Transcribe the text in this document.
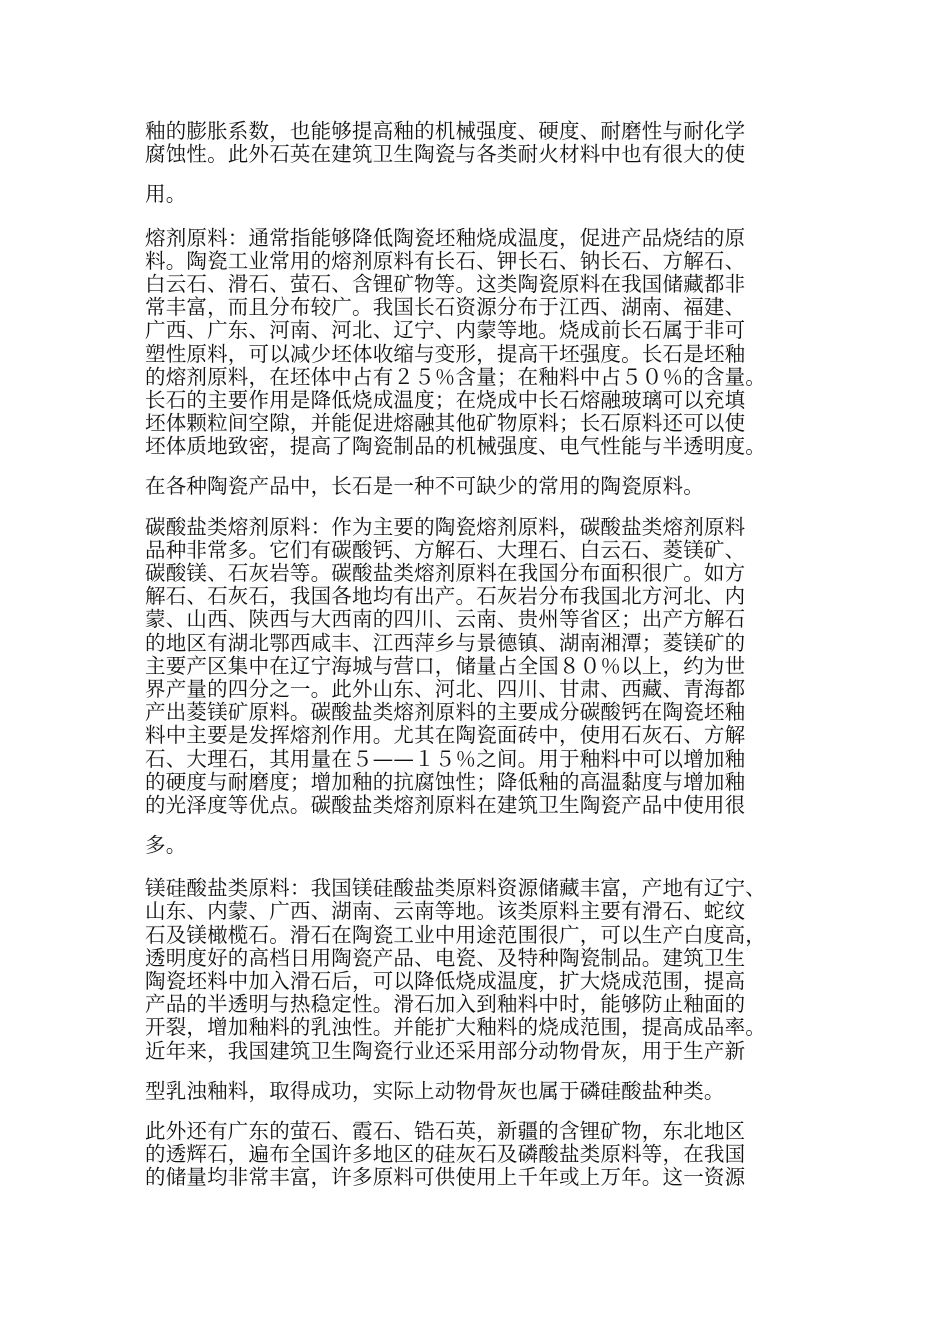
釉的膨胀系数，也能够提高釉的机械强度、硬度、耐磨性与耐化学
腐蚀性。此外石英在建筑卫生陶瓷与各类耐火材料中也有很大的使
用。
熔剂原料：通常指能够降低陶瓷坯釉烧成温度，促进产品烧结的原
料。陶瓷工业常用的熔剂原料有长石、钾长石、钠长石、方解石、
白云石、滑石、萤石、含锂矿物等。这类陶瓷原料在我国储藏都非
常丰富，而且分布较广。我国长石资源分布于江西、湖南、福建、
广西、广东、河南、河北、辽宁、内蒙等地。烧成前长石属于非可
塑性原料，可以减少坯体收缩与变形，提高干坯强度。长石是坯釉
的熔剂原料，在坯体中占有２５％含量；在釉料中占５０％的含量。
长石的主要作用是降低烧成温度；在烧成中长石熔融玻璃可以充填
坯体颗粒间空隙，并能促进熔融其他矿物原料；长石原料还可以使
坯体质地致密，提高了陶瓷制品的机械强度、电气性能与半透明度。
在各种陶瓷产品中，长石是一种不可缺少的常用的陶瓷原料。
碳酸盐类熔剂原料：作为主要的陶瓷熔剂原料，碳酸盐类熔剂原料
品种非常多。它们有碳酸钙、方解石、大理石、白云石、菱镁矿、
碳酸镁、石灰岩等。碳酸盐类熔剂原料在我国分布面积很广。如方
解石、石灰石，我国各地均有出产。石灰岩分布我国北方河北、内
蒙、山西、陕西与大西南的四川、云南、贵州等省区；出产方解石
的地区有湖北鄂西咸丰、江西萍乡与景德镇、湖南湘潭；菱镁矿的
主要产区集中在辽宁海城与营口，储量占全国８０％以上，约为世
界产量的四分之一。此外山东、河北、四川、甘肃、西藏、青海都
产出菱镁矿原料。碳酸盐类熔剂原料的主要成分碳酸钙在陶瓷坯釉
料中主要是发挥熔剂作用。尤其在陶瓷面砖中，使用石灰石、方解
石、大理石，其用量在５——１５％之间。用于釉料中可以增加釉
的硬度与耐磨度；增加釉的抗腐蚀性；降低釉的高温黏度与增加釉
的光泽度等优点。碳酸盐类熔剂原料在建筑卫生陶瓷产品中使用很
多。
镁硅酸盐类原料：我国镁硅酸盐类原料资源储藏丰富，产地有辽宁、
山东、内蒙、广西、湖南、云南等地。该类原料主要有滑石、蛇纹
石及镁橄榄石。滑石在陶瓷工业中用途范围很广，可以生产白度高，
透明度好的高档日用陶瓷产品、电瓷、及特种陶瓷制品。建筑卫生
陶瓷坯料中加入滑石后，可以降低烧成温度，扩大烧成范围，提高
产品的半透明与热稳定性。滑石加入到釉料中时，能够防止釉面的
开裂，增加釉料的乳浊性。并能扩大釉料的烧成范围，提高成品率。
近年来，我国建筑卫生陶瓷行业还采用部分动物骨灰，用于生产新
型乳浊釉料，取得成功，实际上动物骨灰也属于磷硅酸盐种类。
此外还有广东的萤石、霞石、锆石英，新疆的含锂矿物，东北地区
的透辉石，遍布全国许多地区的硅灰石及磷酸盐类原料等，在我国
的储量均非常丰富，许多原料可供使用上千年或上万年。这一资源
